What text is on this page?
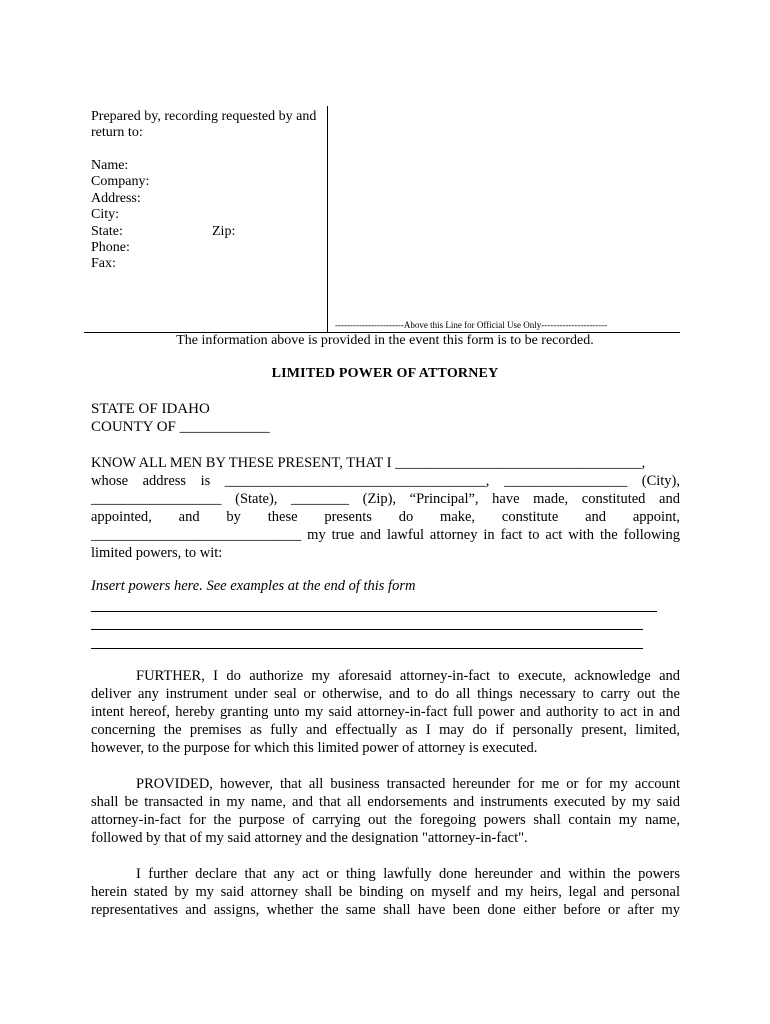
Prepared by, recording requested by and
return to:
Name:
Company:
Address:
City:
State:	Zip:
Phone:
Fax:
-----------------------Above this Line for Official Use Only----------------------
The information above is provided in the event this form is to be recorded.
LIMITED POWER OF ATTORNEY
STATE OF IDAHO
COUNTY OF ____________
KNOW ALL MEN BY THESE PRESENT, THAT I __________________________________,
whose address is ____________________________________, _________________ (City),
__________________ (State), ________ (Zip), “Principal”, have made, constituted and
appointed, and by these presents do make, constitute and appoint,
_____________________________ my true and lawful attorney in fact to act with the following
limited powers, to wit:
Insert powers here. See examples at the end of this form
FURTHER, I do authorize my aforesaid attorney-in-fact to execute, acknowledge and
deliver any instrument under seal or otherwise, and to do all things necessary to carry out the
intent hereof, hereby granting unto my said attorney-in-fact full power and authority to act in and
concerning the premises as fully and effectually as I may do if personally present, limited,
however, to the purpose for which this limited power of attorney is executed.
PROVIDED, however, that all business transacted hereunder for me or for my account
shall be transacted in my name, and that all endorsements and instruments executed by my said
attorney-in-fact for the purpose of carrying out the foregoing powers shall contain my name,
followed by that of my said attorney and the designation "attorney-in-fact".
I further declare that any act or thing lawfully done hereunder and within the powers
herein stated by my said attorney shall be binding on myself and my heirs, legal and personal
representatives and assigns, whether the same shall have been done either before or after my
